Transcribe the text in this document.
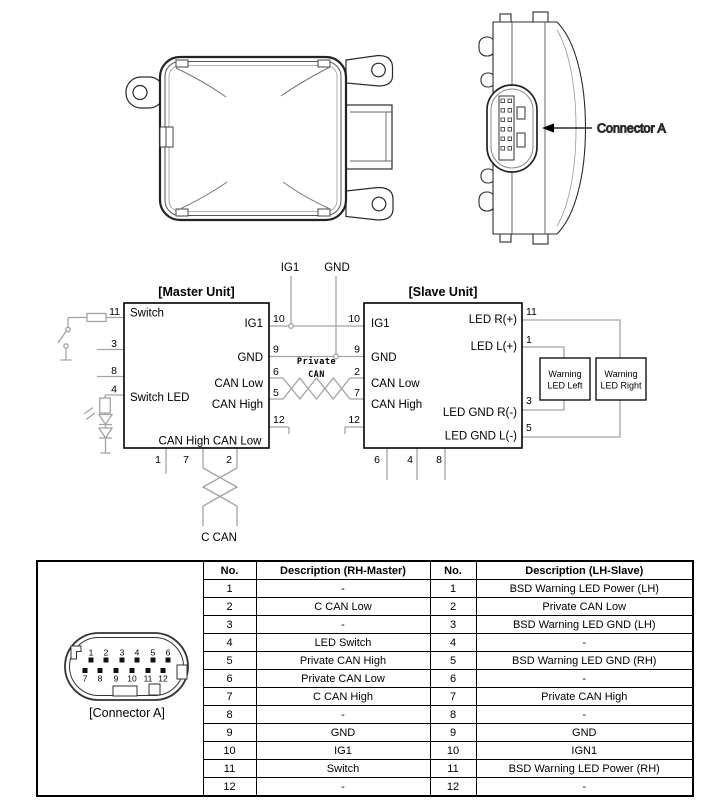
Connector A
[Master Unit]
Switch
IG1
GND
CAN Low
CAN High
Switch LED
CAN High CAN Low
11
3
8
4
10
9
6
5
12
1 7	2
[Slave Unit]
IG1
GND
CAN Low
CAN High
LED R(+)
LED L(+)
LED GND R(-)
LED GND L(-)
10
9
2
7
12
11
1
3
5
6	4 8
Warning
LED Left
Warning
LED Right
IG1 GND
Private
CAN
C CAN
1 2 3 4 5 6
7 8 9 10 11 12
[Connector A]
	No.	Description (RH-Master)	No.	Description (LH-Slave)
	1	-	1	BSD Warning LED Power (LH)
	2	C CAN Low	2	Private CAN Low
	3	-	3	BSD Warning LED GND (LH)
	4	LED Switch	4	-
	5	Private CAN High	5	BSD Warning LED GND (RH)
	6	Private CAN Low	6	-
	7	C CAN High	7	Private CAN High
	8	-	8	-
	9	GND	9	GND
	10	IG1	10	IGN1
	11	Switch	11	BSD Warning LED Power (RH)
	12	-	12	-
